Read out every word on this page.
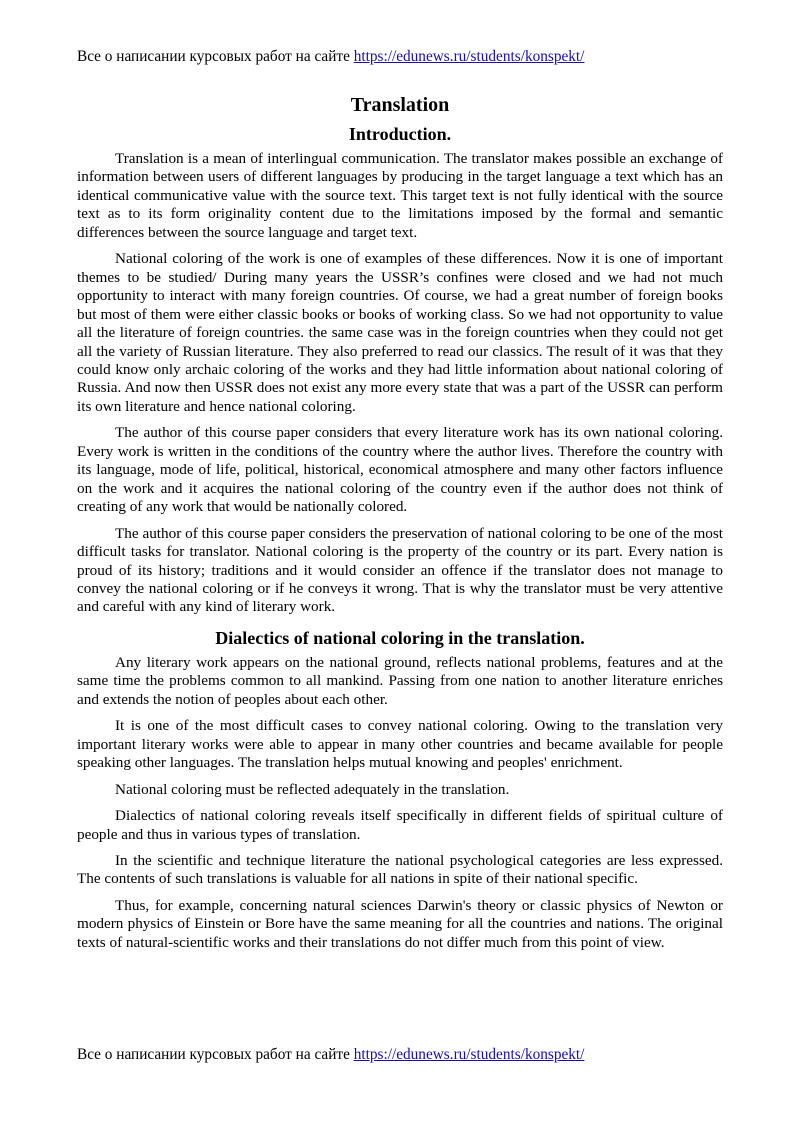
Все о написании курсовых работ на сайте https://edunews.ru/students/konspekt/
Translation
Introduction.

Translation is a mean of interlingual communication. The translator makes possible an exchange of information between users of different languages by producing in the target language a text which has an identical communicative value with the source text. This target text is not fully identical with the source text as to its form originality content due to the limitations imposed by the formal and semantic differences between the source language and target text.

National coloring of the work is one of examples of these differences. Now it is one of important themes to be studied/ During many years the USSR’s confines were closed and we had not much opportunity to interact with many foreign countries. Of course, we had a great number of foreign books but most of them were either classic books or books of working class. So we had not opportunity to value all the literature of foreign countries. the same case was in the foreign countries when they could not get all the variety of Russian literature. They also preferred to read our classics. The result of it was that they could know only archaic coloring of the works and they had little information about national coloring of Russia. And now then USSR does not exist any more every state that was a part of the USSR can perform its own literature and hence national coloring.

The author of this course paper considers that every literature work has its own national coloring. Every work is written in the conditions of the country where the author lives. Therefore the country with its language, mode of life, political, historical, economical atmosphere and many other factors influence on the work and it acquires the national coloring of the country even if the author does not think of creating of any work that would be nationally colored.

The author of this course paper considers the preservation of national coloring to be one of the most difficult tasks for translator. National coloring is the property of the country or its part. Every nation is proud of its history; traditions and it would consider an offence if the translator does not manage to convey the national coloring or if he conveys it wrong. That is why the translator must be very attentive and careful with any kind of literary work.

Dialectics of national coloring in the translation.

Any literary work appears on the national ground, reflects national problems, features and at the same time the problems common to all mankind. Passing from one nation to another literature enriches and extends the notion of peoples about each other.

It is one of the most difficult cases to convey national coloring. Owing to the translation very important literary works were able to appear in many other countries and became available for people speaking other languages. The translation helps mutual knowing and peoples' enrichment.

National coloring must be reflected adequately in the translation.

Dialectics of national coloring reveals itself specifically in different fields of spiritual culture of people and thus in various types of translation.

In the scientific and technique literature the national psychological categories are less expressed. The contents of such translations is valuable for all nations in spite of their national specific.

Thus, for example, concerning natural sciences Darwin's theory or classic physics of Newton or modern physics of Einstein or Bore have the same meaning for all the countries and nations. The original texts of natural-scientific works and their translations do not differ much from this point of view.

Все о написании курсовых работ на сайте https://edunews.ru/students/konspekt/
